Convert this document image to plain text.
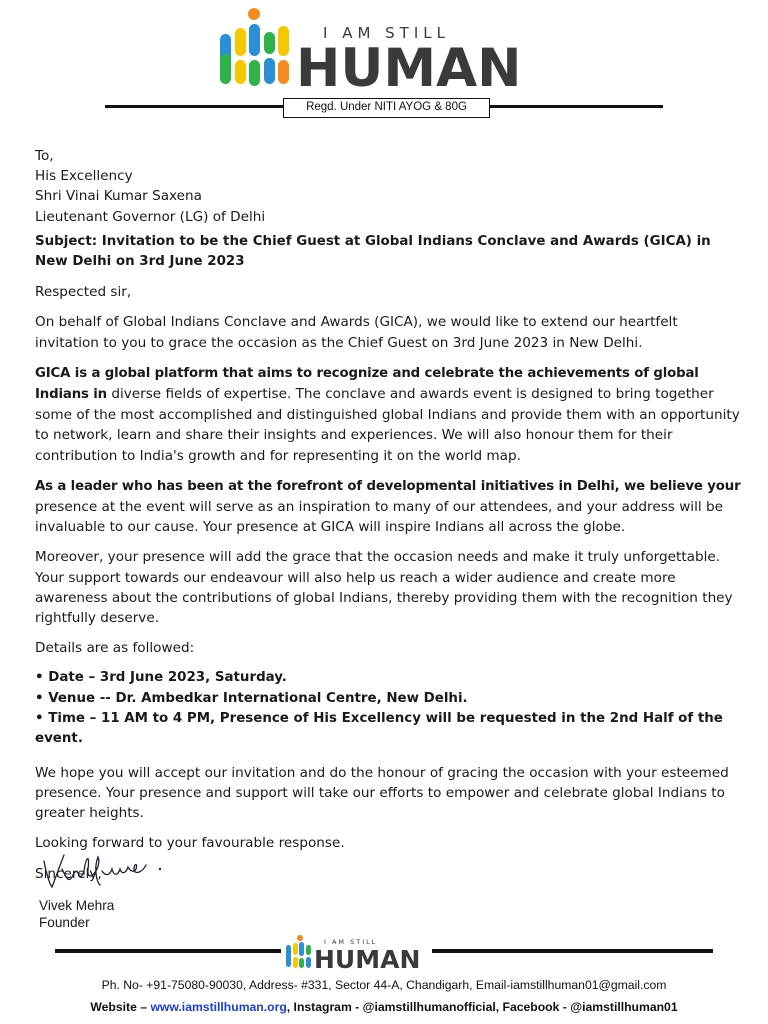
I AM STILL
HUMAN
Regd. Under NITI AYOG & 80G

To,
His Excellency
Shri Vinai Kumar Saxena
Lieutenant Governor (LG) of Delhi

Subject: Invitation to be the Chief Guest at Global Indians Conclave and Awards (GICA) in New Delhi on 3rd June 2023

Respected sir,

On behalf of Global Indians Conclave and Awards (GICA), we would like to extend our heartfelt invitation to you to grace the occasion as the Chief Guest on 3rd June 2023 in New Delhi.

GICA is a global platform that aims to recognize and celebrate the achievements of global Indians in diverse fields of expertise. The conclave and awards event is designed to bring together some of the most accomplished and distinguished global Indians and provide them with an opportunity to network, learn and share their insights and experiences. We will also honour them for their contribution to India's growth and for representing it on the world map.

As a leader who has been at the forefront of developmental initiatives in Delhi, we believe your presence at the event will serve as an inspiration to many of our attendees, and your address will be invaluable to our cause. Your presence at GICA will inspire Indians all across the globe.

Moreover, your presence will add the grace that the occasion needs and make it truly unforgettable. Your support towards our endeavour will also help us reach a wider audience and create more awareness about the contributions of global Indians, thereby providing them with the recognition they rightfully deserve.

Details are as followed:

• Date – 3rd June 2023, Saturday.
• Venue -- Dr. Ambedkar International Centre, New Delhi.
• Time – 11 AM to 4 PM, Presence of His Excellency will be requested in the 2nd Half of the event.

We hope you will accept our invitation and do the honour of gracing the occasion with your esteemed presence. Your presence and support will take our efforts to empower and celebrate global Indians to greater heights.

Looking forward to your favourable response.

Sincerely,

Vivek Mehra
Founder
I AM STILL
HUMAN
Ph. No- +91-75080-90030, Address- #331, Sector 44-A, Chandigarh, Email-iamstillhuman01@gmail.com
Website – www.iamstillhuman.org, Instagram - @iamstillhumanofficial, Facebook - @iamstillhuman01
